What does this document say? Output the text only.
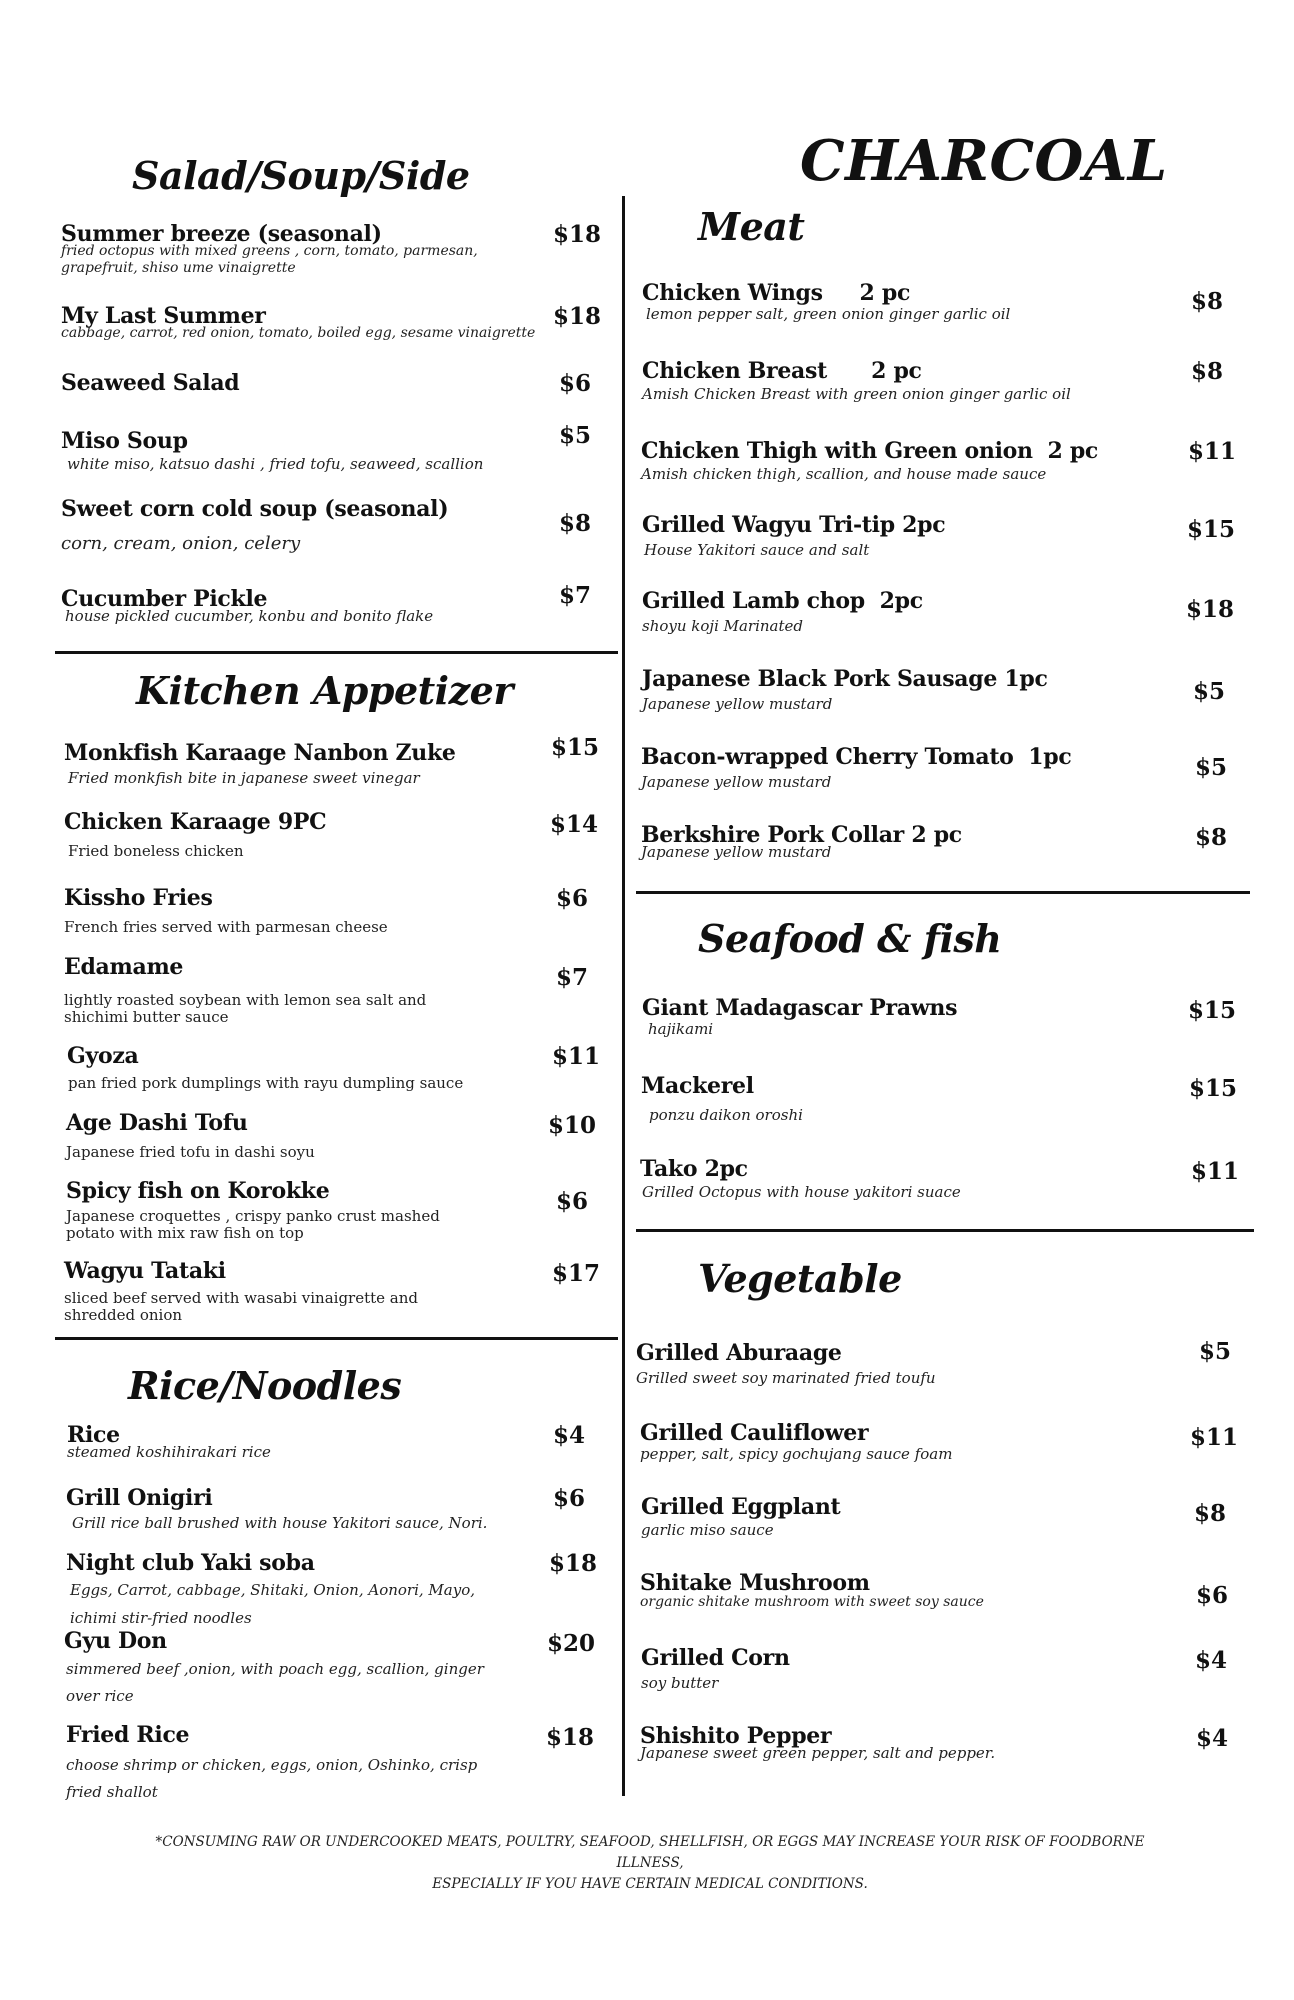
CHARCOAL
Salad/Soup/Side
Summer breeze (seasonal)
fried octopus with mixed greens , corn, tomato, parmesan, grapefruit, shiso ume vinaigrette
$18
My Last Summer
cabbage, carrot, red onion, tomato, boiled egg, sesame vinaigrette
$18
Seaweed Salad	$6
Miso Soup
white miso, katsuo dashi , fried tofu, seaweed, scallion
$5
Sweet corn cold soup (seasonal)
corn, cream, onion, celery
$8
Cucumber Pickle
house pickled cucumber, konbu and bonito flake
$7
Kitchen Appetizer
Monkfish Karaage Nanbon Zuke
Fried monkfish bite in japanese sweet vinegar
$15
Chicken Karaage 9PC
Fried boneless chicken
$14
Kissho Fries
French fries served with parmesan cheese
$6
Edamame
lightly roasted soybean with lemon sea salt and shichimi butter sauce
$7
Gyoza
pan fried pork dumplings with rayu dumpling sauce
$11
Age Dashi Tofu
Japanese fried tofu in dashi soyu
$10
Spicy fish on Korokke
Japanese croquettes , crispy panko crust mashed potato with mix raw fish on top
$6
Wagyu Tataki
sliced beef served with wasabi vinaigrette and shredded onion
$17
Rice/Noodles
Rice
steamed koshihirakari rice
$4
Grill Onigiri
Grill rice ball brushed with house Yakitori sauce, Nori.
$6
Night club Yaki soba
Eggs, Carrot, cabbage, Shitaki, Onion, Aonori, Mayo, ichimi stir-fried noodles
$18
Gyu Don
simmered beef ,onion, with poach egg, scallion, ginger over rice
$20
Fried Rice
choose shrimp or chicken, eggs, onion, Oshinko, crisp fried shallot
$18
Meat
Chicken Wings     2 pc
lemon pepper salt, green onion ginger garlic oil	$8
Chicken Breast      2 pc
Amish Chicken Breast with green onion ginger garlic oil
$8
Chicken Thigh with Green onion  2 pc
Amish chicken thigh, scallion, and house made sauce
$11
Grilled Wagyu Tri-tip 2pc
House Yakitori sauce and salt
$15
Grilled Lamb chop  2pc
shoyu koji Marinated
$18
Japanese Black Pork Sausage 1pc
Japanese yellow mustard	$5
Bacon-wrapped Cherry Tomato  1pc
Japanese yellow mustard
$5
Berkshire Pork Collar 2 pc
Japanese yellow mustard
$8
Seafood & fish
Giant Madagascar Prawns
hajikami
$15
Mackerel
ponzu daikon oroshi
$15
Tako 2pc
Grilled Octopus with house yakitori suace
$11
Vegetable
Grilled Aburaage
Grilled sweet soy marinated fried toufu
$5
Grilled Cauliflower
pepper, salt, spicy gochujang sauce foam
$11
Grilled Eggplant
garlic miso sauce
$8
Shitake Mushroom
organic shitake mushroom with sweet soy sauce	$6
Grilled Corn
soy butter
$4
Shishito Pepper
Japanese sweet green pepper, salt and pepper.
$4
*CONSUMING RAW OR UNDERCOOKED MEATS, POULTRY, SEAFOOD, SHELLFISH, OR EGGS MAY INCREASE YOUR RISK OF FOODBORNE ILLNESS,
ESPECIALLY IF YOU HAVE CERTAIN MEDICAL CONDITIONS.
